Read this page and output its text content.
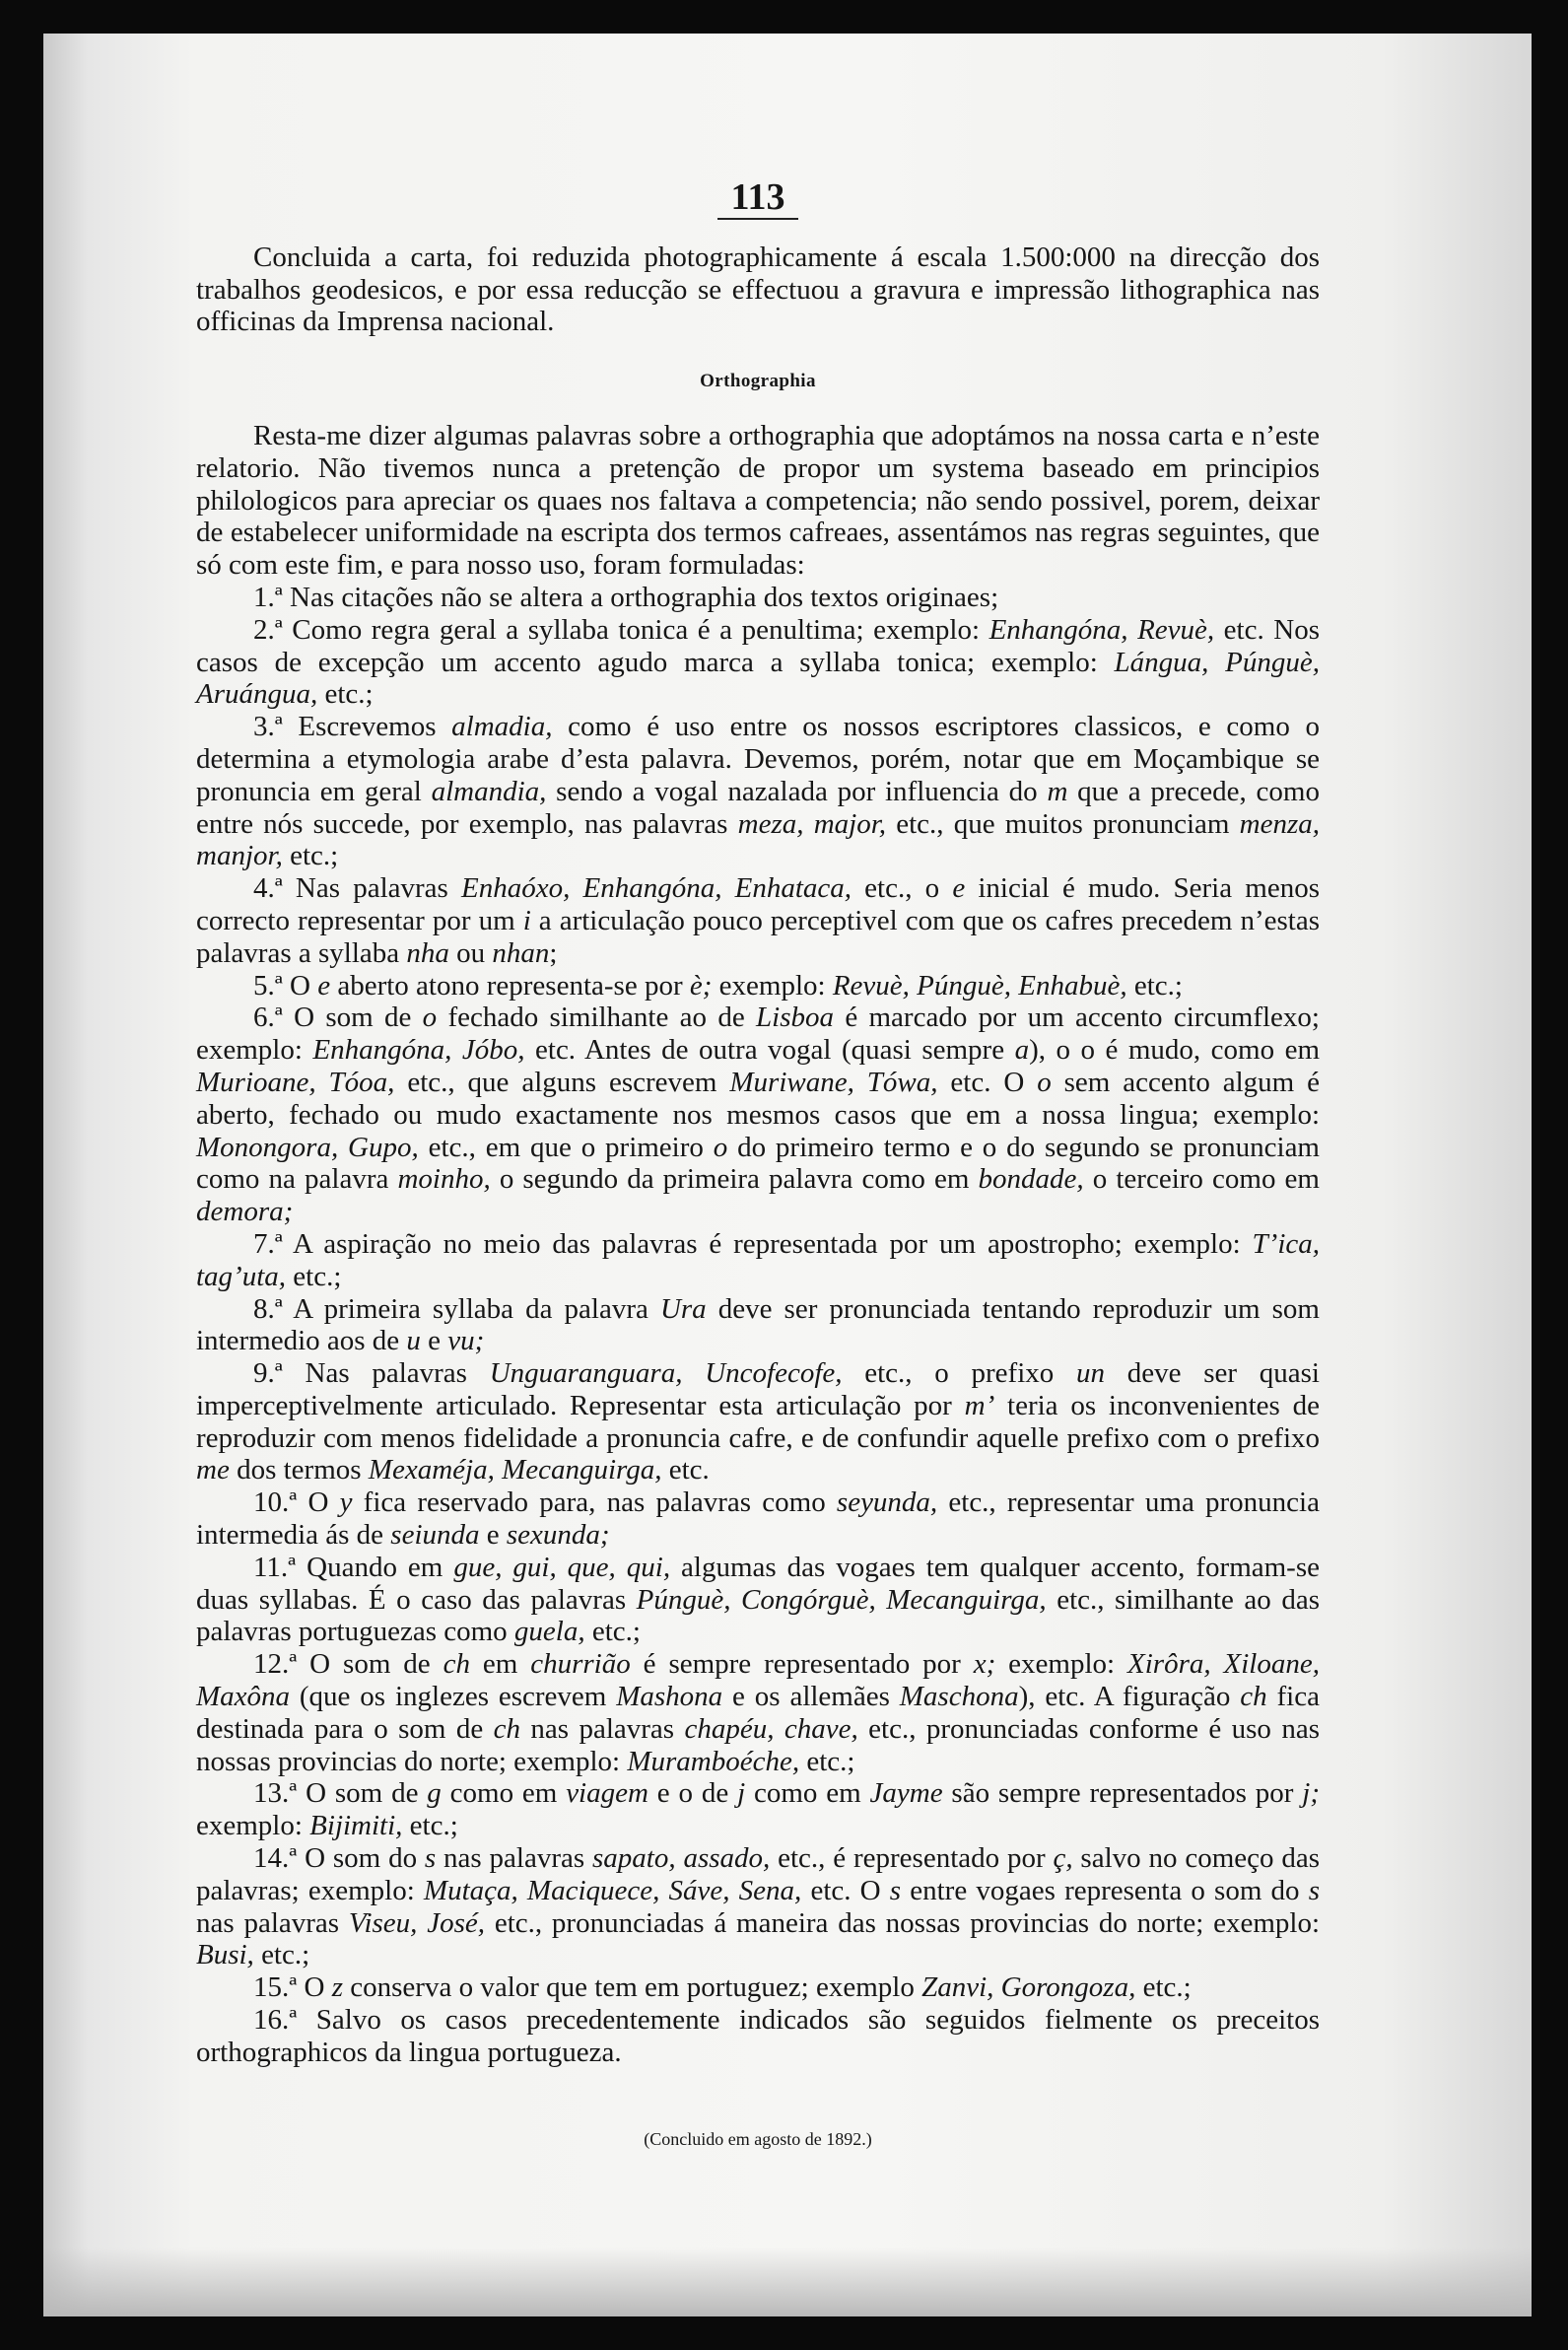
113

Concluida a carta, foi reduzida photographicamente á escala 1.500:000 na direcção dos trabalhos geodesicos, e por essa reducção se effectuou a gravura e impressão lithographica nas officinas da Imprensa nacional.

Orthographia

Resta-me dizer algumas palavras sobre a orthographia que adoptámos na nossa carta e n’este relatorio. Não tivemos nunca a pretenção de propor um systema baseado em principios philologicos para apreciar os quaes nos faltava a competencia; não sendo possivel, porem, deixar de estabelecer uniformidade na escripta dos termos cafreaes, assentámos nas regras seguintes, que só com este fim, e para nosso uso, foram formuladas:

1.ª Nas citações não se altera a orthographia dos textos originaes;

2.ª Como regra geral a syllaba tonica é a penultima; exemplo: Enhangóna, Revuè, etc. Nos casos de excepção um accento agudo marca a syllaba tonica; exemplo: Lángua, Púnguè, Aruángua, etc.;

3.ª Escrevemos almadia, como é uso entre os nossos escriptores classicos, e como o determina a etymologia arabe d’esta palavra. Devemos, porém, notar que em Moçambique se pronuncia em geral almandia, sendo a vogal nazalada por influencia do m que a precede, como entre nós succede, por exemplo, nas palavras meza, major, etc., que muitos pronunciam menza, manjor, etc.;

4.ª Nas palavras Enhaóxo, Enhangóna, Enhataca, etc., o e inicial é mudo. Seria menos correcto representar por um i a articulação pouco perceptivel com que os cafres precedem n’estas palavras a syllaba nha ou nhan;

5.ª O e aberto atono representa-se por è; exemplo: Revuè, Púnguè, Enhabuè, etc.;

6.ª O som de o fechado similhante ao de Lisboa é marcado por um accento circumflexo; exemplo: Enhangóna, Jóbo, etc. Antes de outra vogal (quasi sempre a), o o é mudo, como em Murioane, Tóoa, etc., que alguns escrevem Muriwane, Tówa, etc. O o sem accento algum é aberto, fechado ou mudo exactamente nos mesmos casos que em a nossa lingua; exemplo: Monongora, Gupo, etc., em que o primeiro o do primeiro termo e o do segundo se pronunciam como na palavra moinho, o segundo da primeira palavra como em bondade, o terceiro como em demora;

7.ª A aspiração no meio das palavras é representada por um apostropho; exemplo: T’ica, tag’uta, etc.;

8.ª A primeira syllaba da palavra Ura deve ser pronunciada tentando reproduzir um som intermedio aos de u e vu;

9.ª Nas palavras Unguaranguara, Uncofecofe, etc., o prefixo un deve ser quasi imperceptivelmente articulado. Representar esta articulação por m’ teria os inconvenientes de reproduzir com menos fidelidade a pronuncia cafre, e de confundir aquelle prefixo com o prefixo me dos termos Mexaméja, Mecanguirga, etc.

10.ª O y fica reservado para, nas palavras como seyunda, etc., representar uma pronuncia intermedia ás de seiunda e sexunda;

11.ª Quando em gue, gui, que, qui, algumas das vogaes tem qualquer accento, formam-se duas syllabas. É o caso das palavras Púnguè, Congórguè, Mecanguirga, etc., similhante ao das palavras portuguezas como guela, etc.;

12.ª O som de ch em churrião é sempre representado por x; exemplo: Xirôra, Xiloane, Maxôna (que os inglezes escrevem Mashona e os allemães Maschona), etc. A figuração ch fica destinada para o som de ch nas palavras chapéu, chave, etc., pronunciadas conforme é uso nas nossas provincias do norte; exemplo: Muramboéche, etc.;

13.ª O som de g como em viagem e o de j como em Jayme são sempre representados por j; exemplo: Bijimiti, etc.;

14.ª O som do s nas palavras sapato, assado, etc., é representado por ç, salvo no começo das palavras; exemplo: Mutaça, Maciquece, Sáve, Sena, etc. O s entre vogaes representa o som do s nas palavras Viseu, José, etc., pronunciadas á maneira das nossas provincias do norte; exemplo: Busi, etc.;

15.ª O z conserva o valor que tem em portuguez; exemplo Zanvi, Gorongoza, etc.;

16.ª Salvo os casos precedentemente indicados são seguidos fielmente os preceitos orthographicos da lingua portugueza.

(Concluido em agosto de 1892.)
